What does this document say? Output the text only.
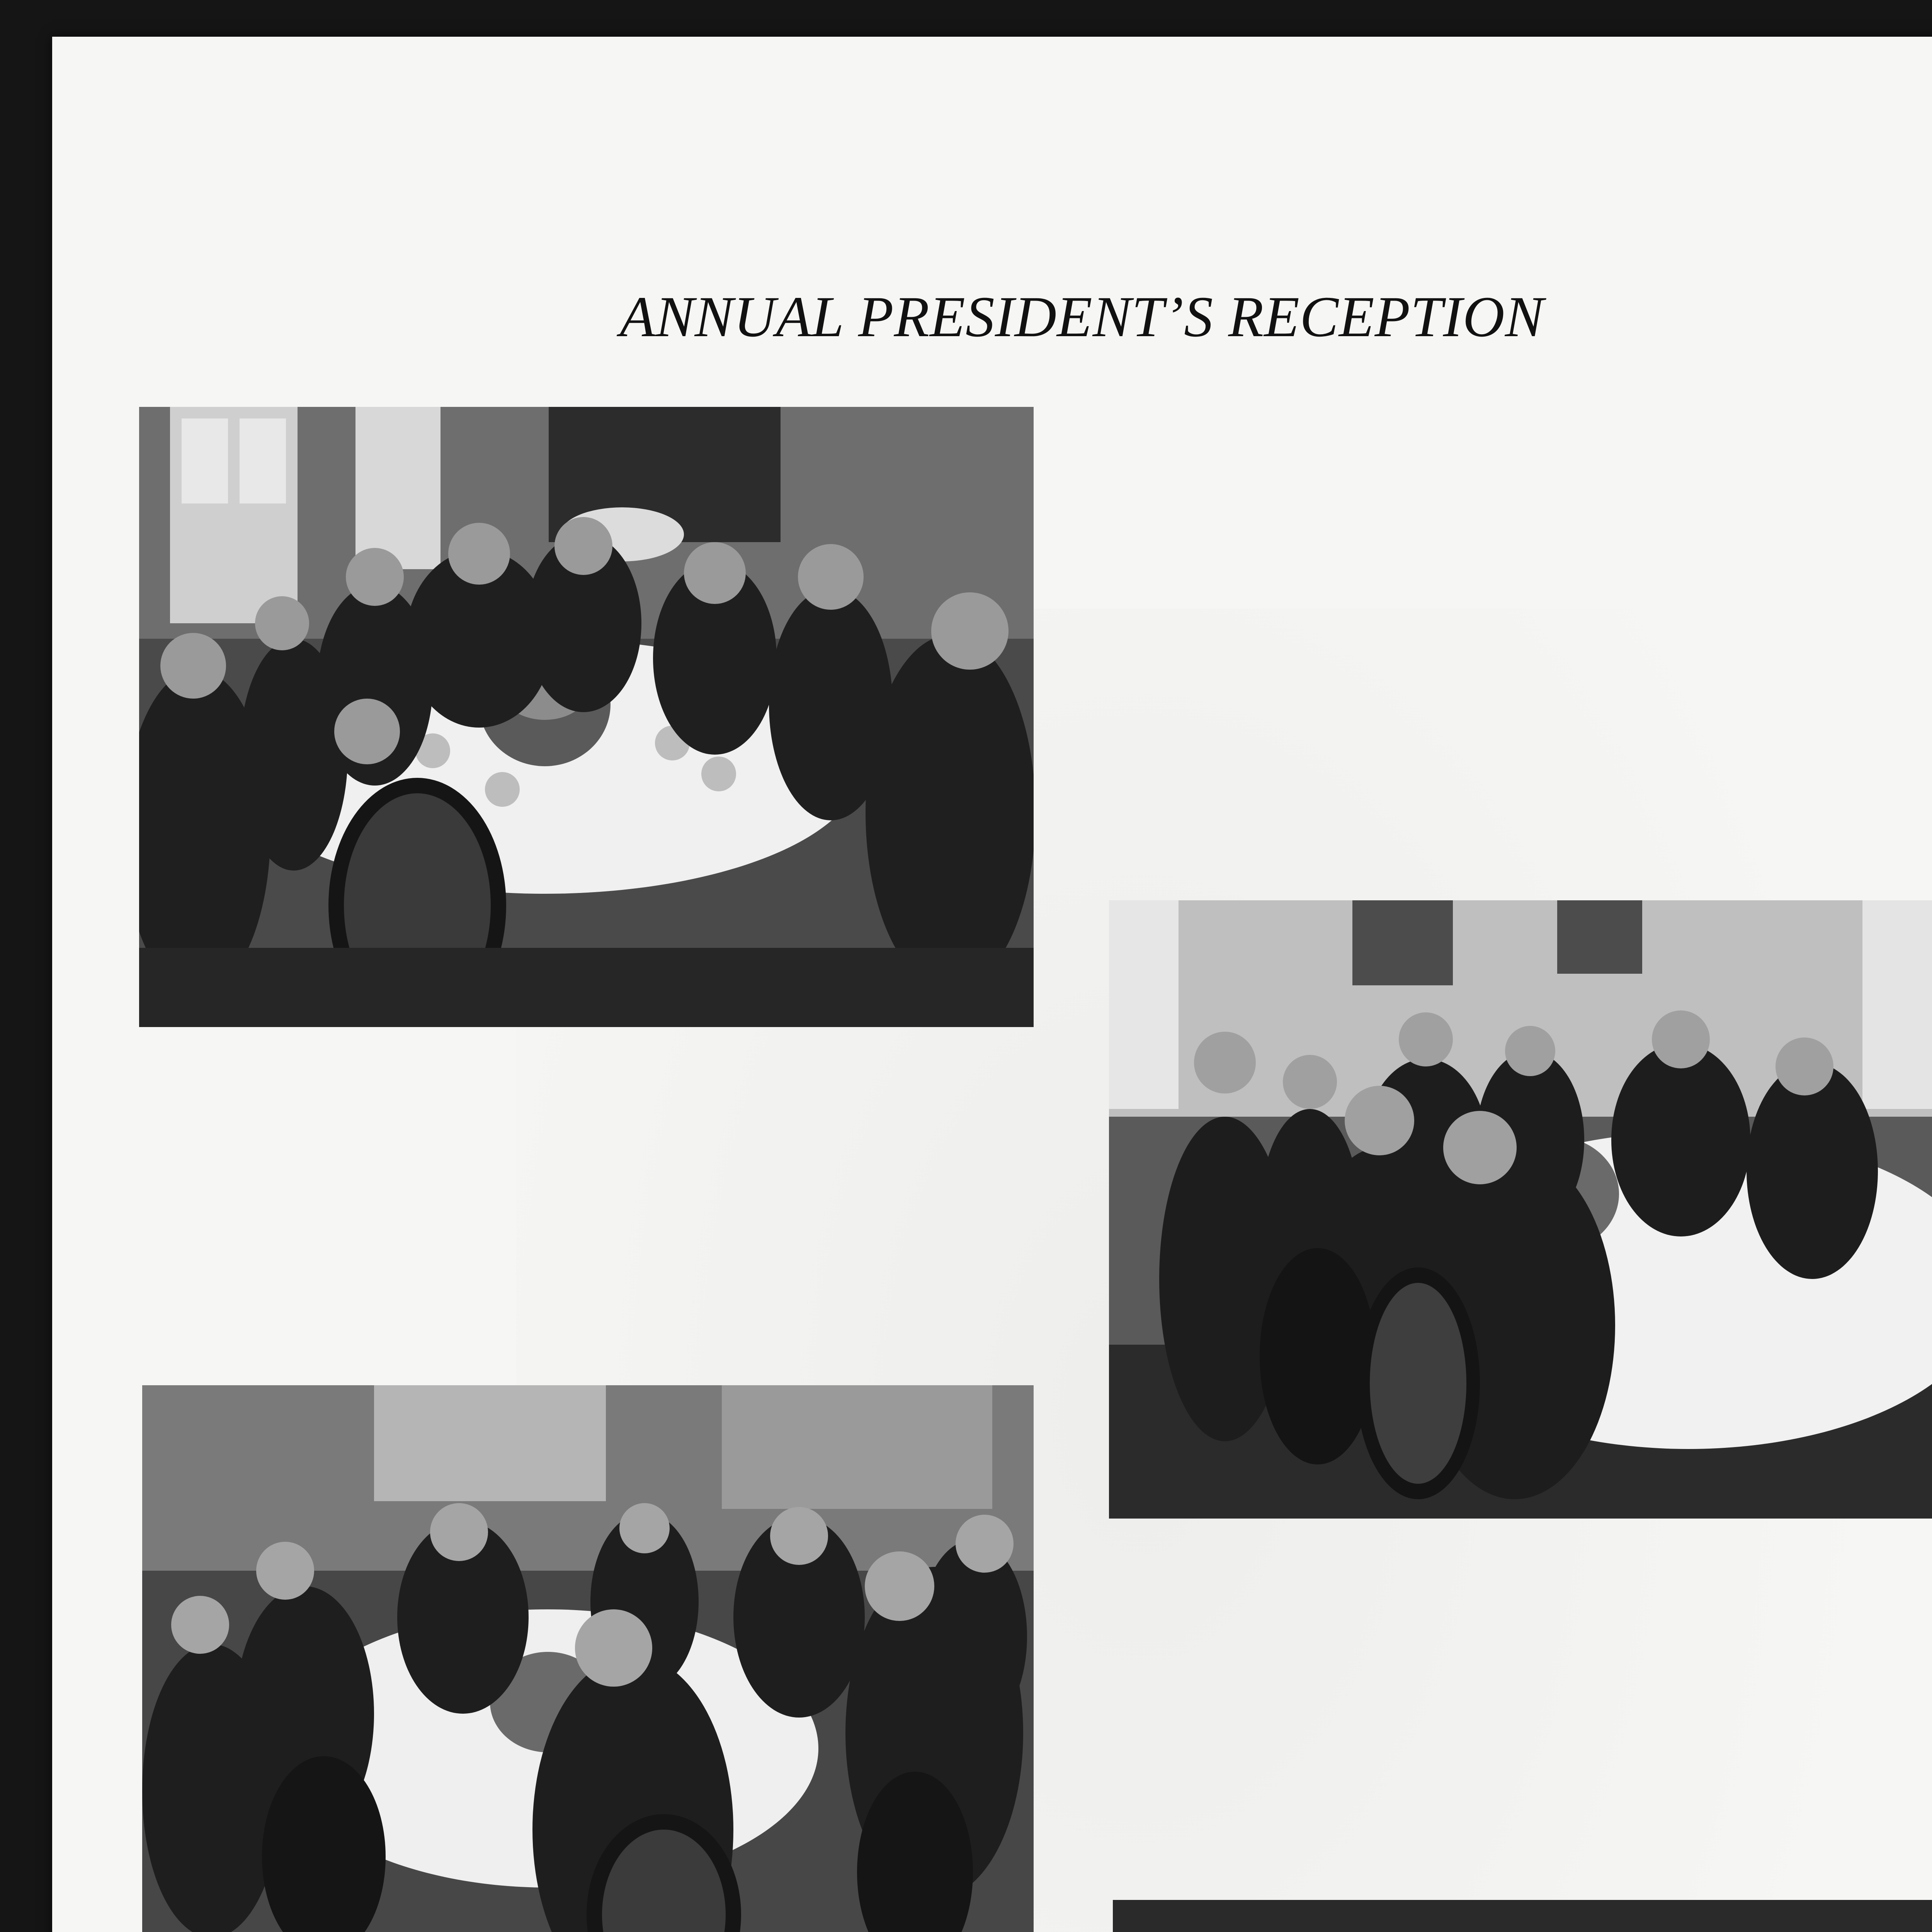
ANNUAL PRESIDENT’S RECEPTION
